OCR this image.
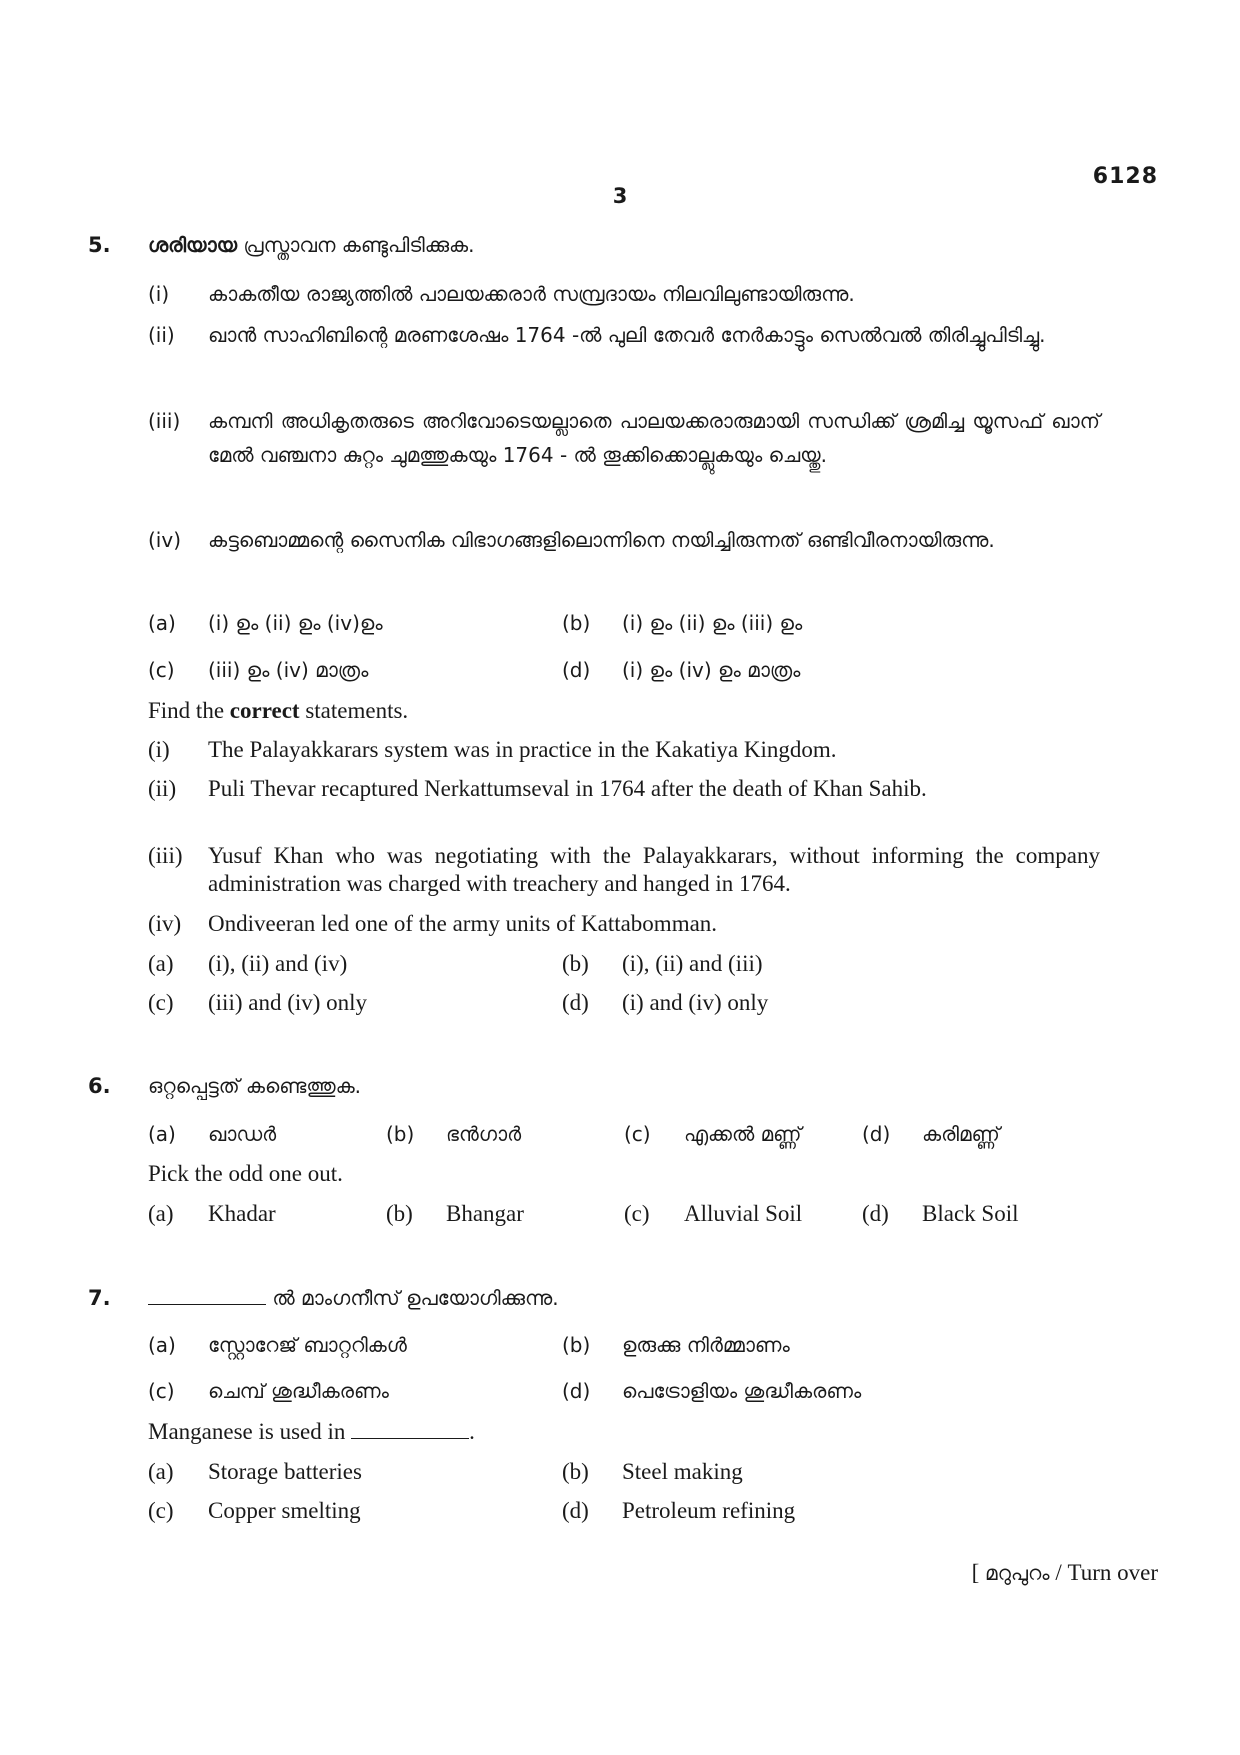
6128
3
5. ശരിയായ പ്രസ്താവന കണ്ടുപിടിക്കുക.
(i) കാകതീയ രാജ്യത്തിൽ പാലയക്കരാർ സമ്പ്രദായം നിലവിലുണ്ടായിരുന്നു.
(ii) ഖാൻ സാഹിബിന്റെ മരണശേഷം 1764 -ൽ പുലി തേവർ നേർകാട്ടും സെൽവൽ തിരിച്ചുപിടിച്ചു.
(iii) കമ്പനി അധികൃതരുടെ അറിവോടെയല്ലാതെ പാലയക്കരാരുമായി സന്ധിക്ക് ശ്രമിച്ച യൂസഫ് ഖാന് മേൽ വഞ്ചനാ കുറ്റം ചുമത്തുകയും 1764 - ൽ തൂക്കിക്കൊല്ലുകയും ചെയ്തു.
(iv) കട്ടബൊമ്മന്റെ സൈനിക വിഭാഗങ്ങളിലൊന്നിനെ നയിച്ചിരുന്നത് ഒണ്ടിവീരനായിരുന്നു.
(a) (i) ഉം (ii) ഉം (iv)ഉം	(b) (i) ഉം (ii) ഉം (iii) ഉം
(c) (iii) ഉം (iv) മാത്രം	(d) (i) ഉം (iv) ഉം മാത്രം
Find the correct statements.
(i) The Palayakkarars system was in practice in the Kakatiya Kingdom.
(ii) Puli Thevar recaptured Nerkattumseval in 1764 after the death of Khan Sahib.
(iii) Yusuf Khan who was negotiating with the Palayakkarars, without informing the company administration was charged with treachery and hanged in 1764.
(iv) Ondiveeran led one of the army units of Kattabomman.
(a) (i), (ii) and (iv)	(b) (i), (ii) and (iii)
(c) (iii) and (iv) only	(d) (i) and (iv) only
6. ഒറ്റപ്പെട്ടത് കണ്ടെത്തുക.
(a) ഖാഡർ	(b) ഭൻഗാർ	(c) എക്കൽ മണ്ണ്	(d) കരിമണ്ണ്
Pick the odd one out.
(a) Khadar	(b) Bhangar	(c) Alluvial Soil	(d) Black Soil
7.	ൽ മാംഗനീസ് ഉപയോഗിക്കുന്നു.
(a) സ്റ്റോറേജ് ബാറ്ററികൾ	(b) ഉരുക്കു നിർമ്മാണം
(c) ചെമ്പ് ശുദ്ധീകരണം	(d) പെട്രോളിയം ശുദ്ധീകരണം
Manganese is used in	.
(a) Storage batteries	(b) Steel making
(c) Copper smelting	(d) Petroleum refining
[ മറുപുറം / Turn over
